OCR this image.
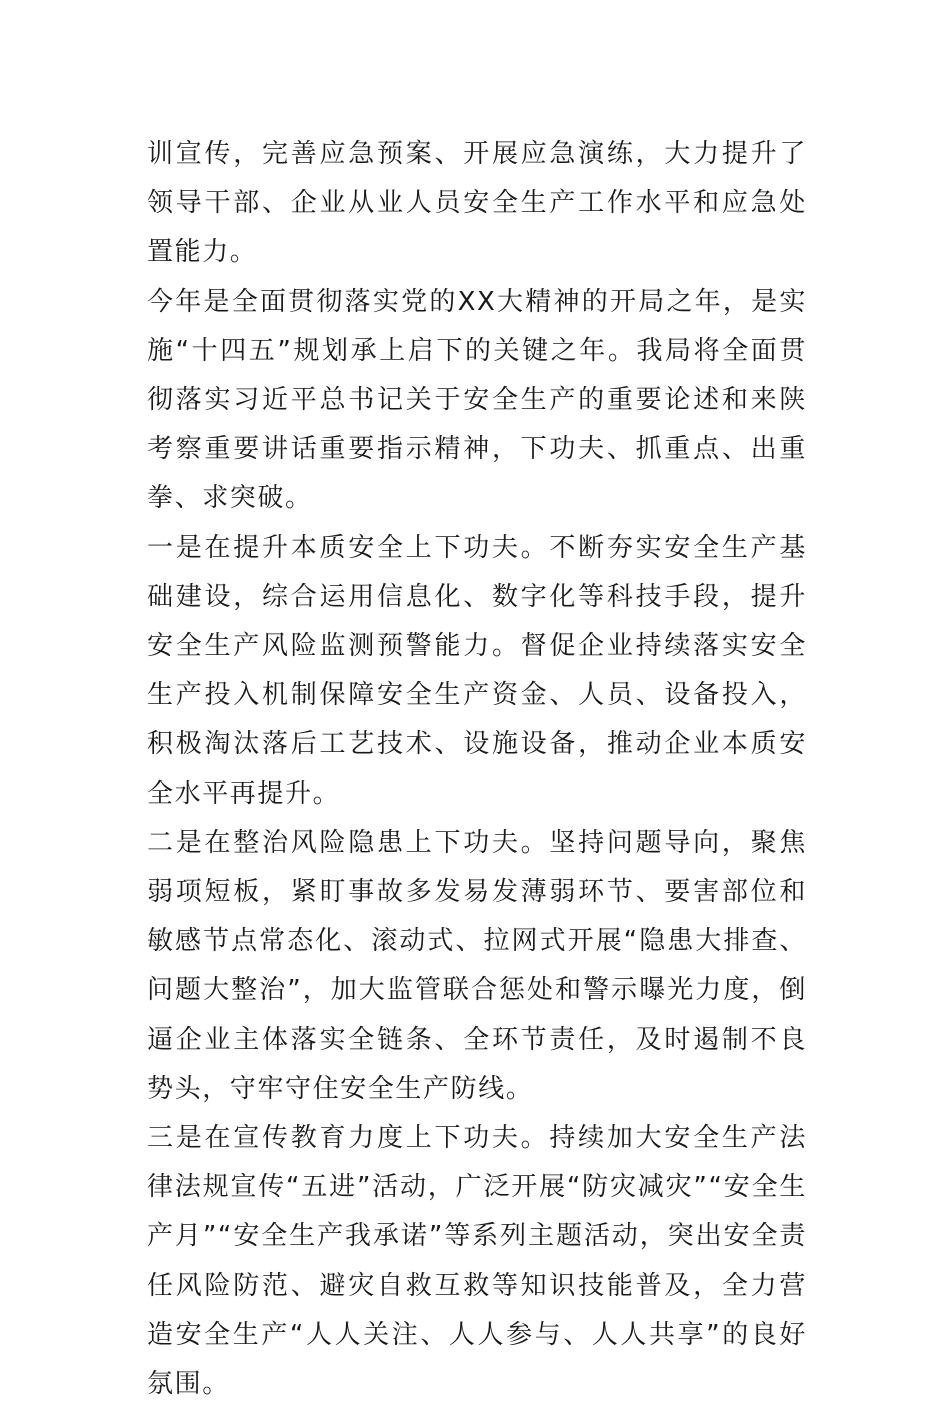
训宣传，完善应急预案、开展应急演练，大力提升了领导干部、企业从业人员安全生产工作水平和应急处置能力。

今年是全面贯彻落实党的XX大精神的开局之年，是实施“十四五”规划承上启下的关键之年。我局将全面贯彻落实习近平总书记关于安全生产的重要论述和来陕考察重要讲话重要指示精神，下功夫、抓重点、出重拳、求突破。

一是在提升本质安全上下功夫。不断夯实安全生产基础建设，综合运用信息化、数字化等科技手段，提升安全生产风险监测预警能力。督促企业持续落实安全生产投入机制保障安全生产资金、人员、设备投入，积极淘汰落后工艺技术、设施设备，推动企业本质安全水平再提升。

二是在整治风险隐患上下功夫。坚持问题导向，聚焦弱项短板，紧盯事故多发易发薄弱环节、要害部位和敏感节点常态化、滚动式、拉网式开展“隐患大排查、问题大整治”，加大监管联合惩处和警示曝光力度，倒逼企业主体落实全链条、全环节责任，及时遏制不良势头，守牢守住安全生产防线。

三是在宣传教育力度上下功夫。持续加大安全生产法律法规宣传“五进”活动，广泛开展“防灾减灾”“安全生产月”“安全生产我承诺”等系列主题活动，突出安全责任风险防范、避灾自救互救等知识技能普及，全力营造安全生产“人人关注、人人参与、人人共享”的良好氛围。
